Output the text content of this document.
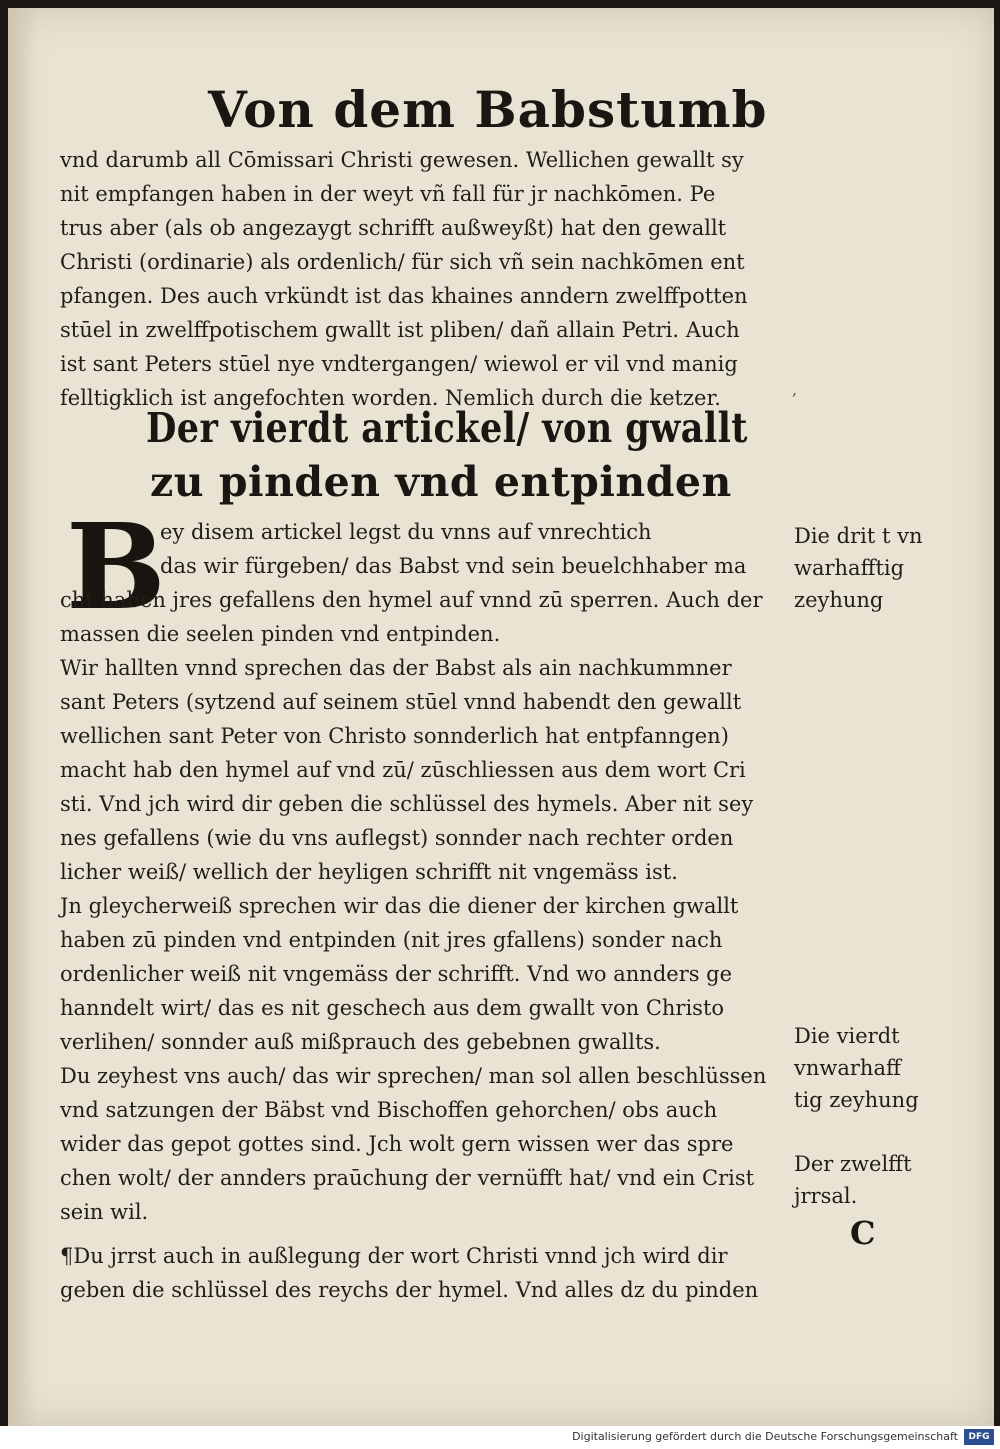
Von dem Babstumb
vnd darumb all Cōmissari Christi gewesen. Wellichen gewallt sy
nit empfangen haben in der weyt vñ fall für jr nachkōmen. Pe
trus aber (als ob angezaygt schrifft außweyßt) hat den gewallt
Christi (ordinarie) als ordenlich/ für sich vñ sein nachkōmen ent
pfangen. Des auch vrkündt ist das khaines anndern zwelffpotten
stūel in zwelffpotischem gwallt ist pliben/ dañ allain Petri. Auch
ist sant Peters stūel nye vndtergangen/ wiewol er vil vnd manig
felltigklich ist angefochten worden. Nemlich durch die ketzer.	,
Der vierdt artickel/ von gwallt
zu pinden vnd entpinden
B
ey disem artickel legst du vnns auf vnrechtich
das wir fürgeben/ das Babst vnd sein beuelchhaber ma
cht haben jres gefallens den hymel auf vnnd zū sperren. Auch der
massen die seelen pinden vnd entpinden.
Wir hallten vnnd sprechen das der Babst als ain nachkummner
sant Peters (sytzend auf seinem stūel vnnd habendt den gewallt
wellichen sant Peter von Christo sonnderlich hat entpfanngen)
macht hab den hymel auf vnd zū/ zūschliessen aus dem wort Cri
sti. Vnd jch wird dir geben die schlüssel des hymels. Aber nit sey
nes gefallens (wie du vns auflegst) sonnder nach rechter orden
licher weiß/ wellich der heyligen schrifft nit vngemäss ist.
Jn gleycherweiß sprechen wir das die diener der kirchen gwallt
haben zū pinden vnd entpinden (nit jres gfallens) sonder nach
ordenlicher weiß nit vngemäss der schrifft. Vnd wo annders ge
hanndelt wirt/ das es nit geschech aus dem gwallt von Christo
verlihen/ sonnder auß mißprauch des gebebnen gwallts.
Du zeyhest vns auch/ das wir sprechen/ man sol allen beschlüssen
vnd satzungen der Bäbst vnd Bischoffen gehorchen/ obs auch
wider das gepot gottes sind. Jch wolt gern wissen wer das spre
chen wolt/ der annders praūchung der vernüfft hat/ vnd ein Crist
sein wil.
¶Du jrrst auch in außlegung der wort Christi vnnd jch wird dir
geben die schlüssel des reychs der hymel. Vnd alles dz du pinden
Die drit t vn
warhafftig
zeyhung
Die vierdt
vnwarhaff
tig zeyhung
Der zwelfft
jrrsal.
C
Digitalisierung gefördert durch die Deutsche Forschungsgemeinschaft	DFG
